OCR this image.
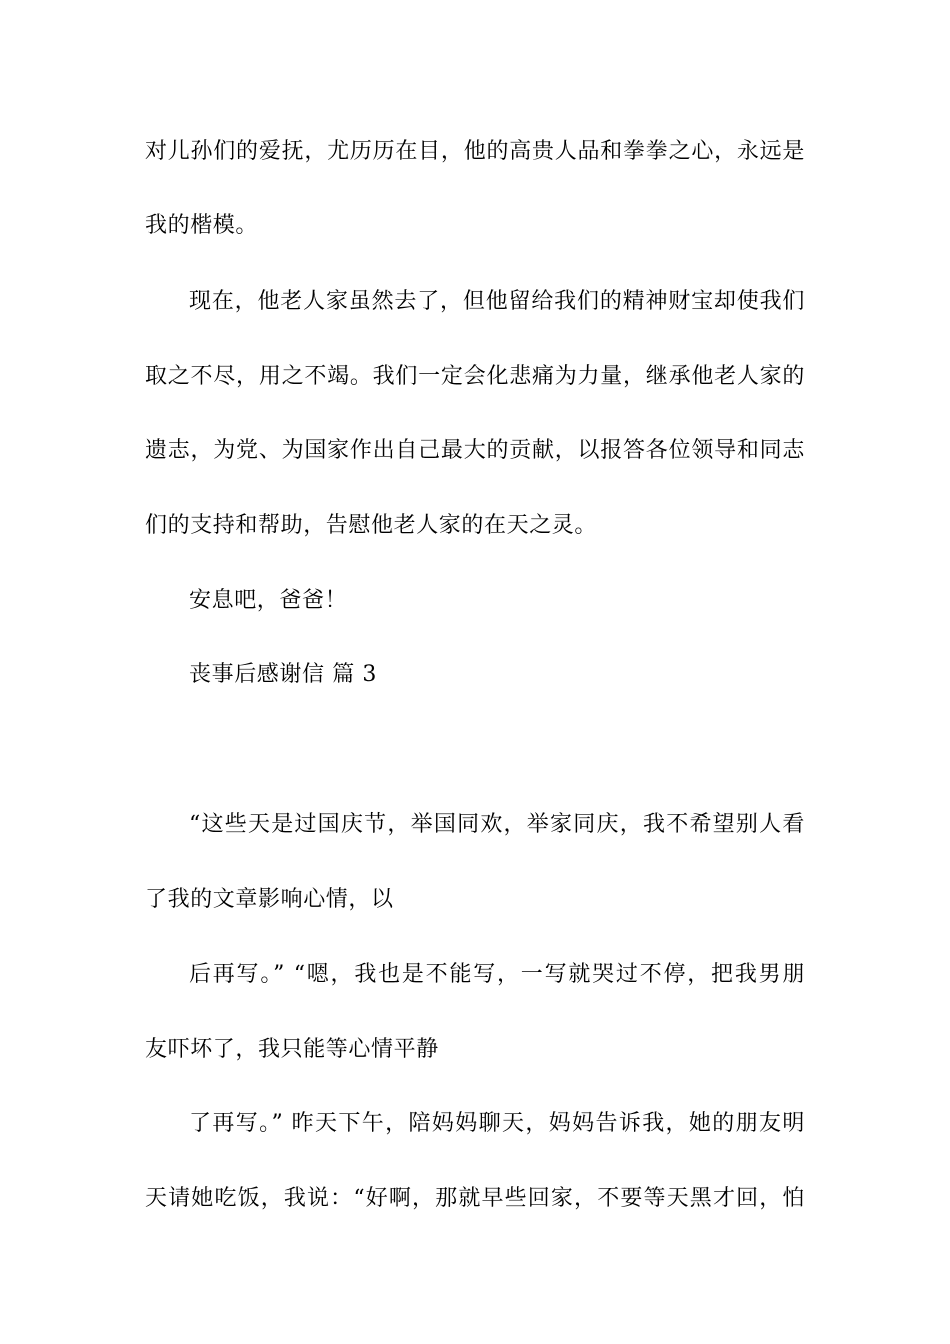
对儿孙们的爱抚，尤历历在目，他的高贵人品和拳拳之心，永远是
我的楷模。
现在，他老人家虽然去了，但他留给我们的精神财宝却使我们
取之不尽，用之不竭。我们一定会化悲痛为力量，继承他老人家的
遗志，为党、为国家作出自己最大的贡献，以报答各位领导和同志
们的支持和帮助，告慰他老人家的在天之灵。
安息吧，爸爸！
丧事后感谢信 篇 3
“这些天是过国庆节，举国同欢，举家同庆，我不希望别人看
了我的文章影响心情，以
后再写。” “嗯，我也是不能写，一写就哭过不停，把我男朋
友吓坏了，我只能等心情平静
了再写。” 昨天下午，陪妈妈聊天，妈妈告诉我，她的朋友明
天请她吃饭，我说：“好啊，那就早些回家，不要等天黑才回，怕
